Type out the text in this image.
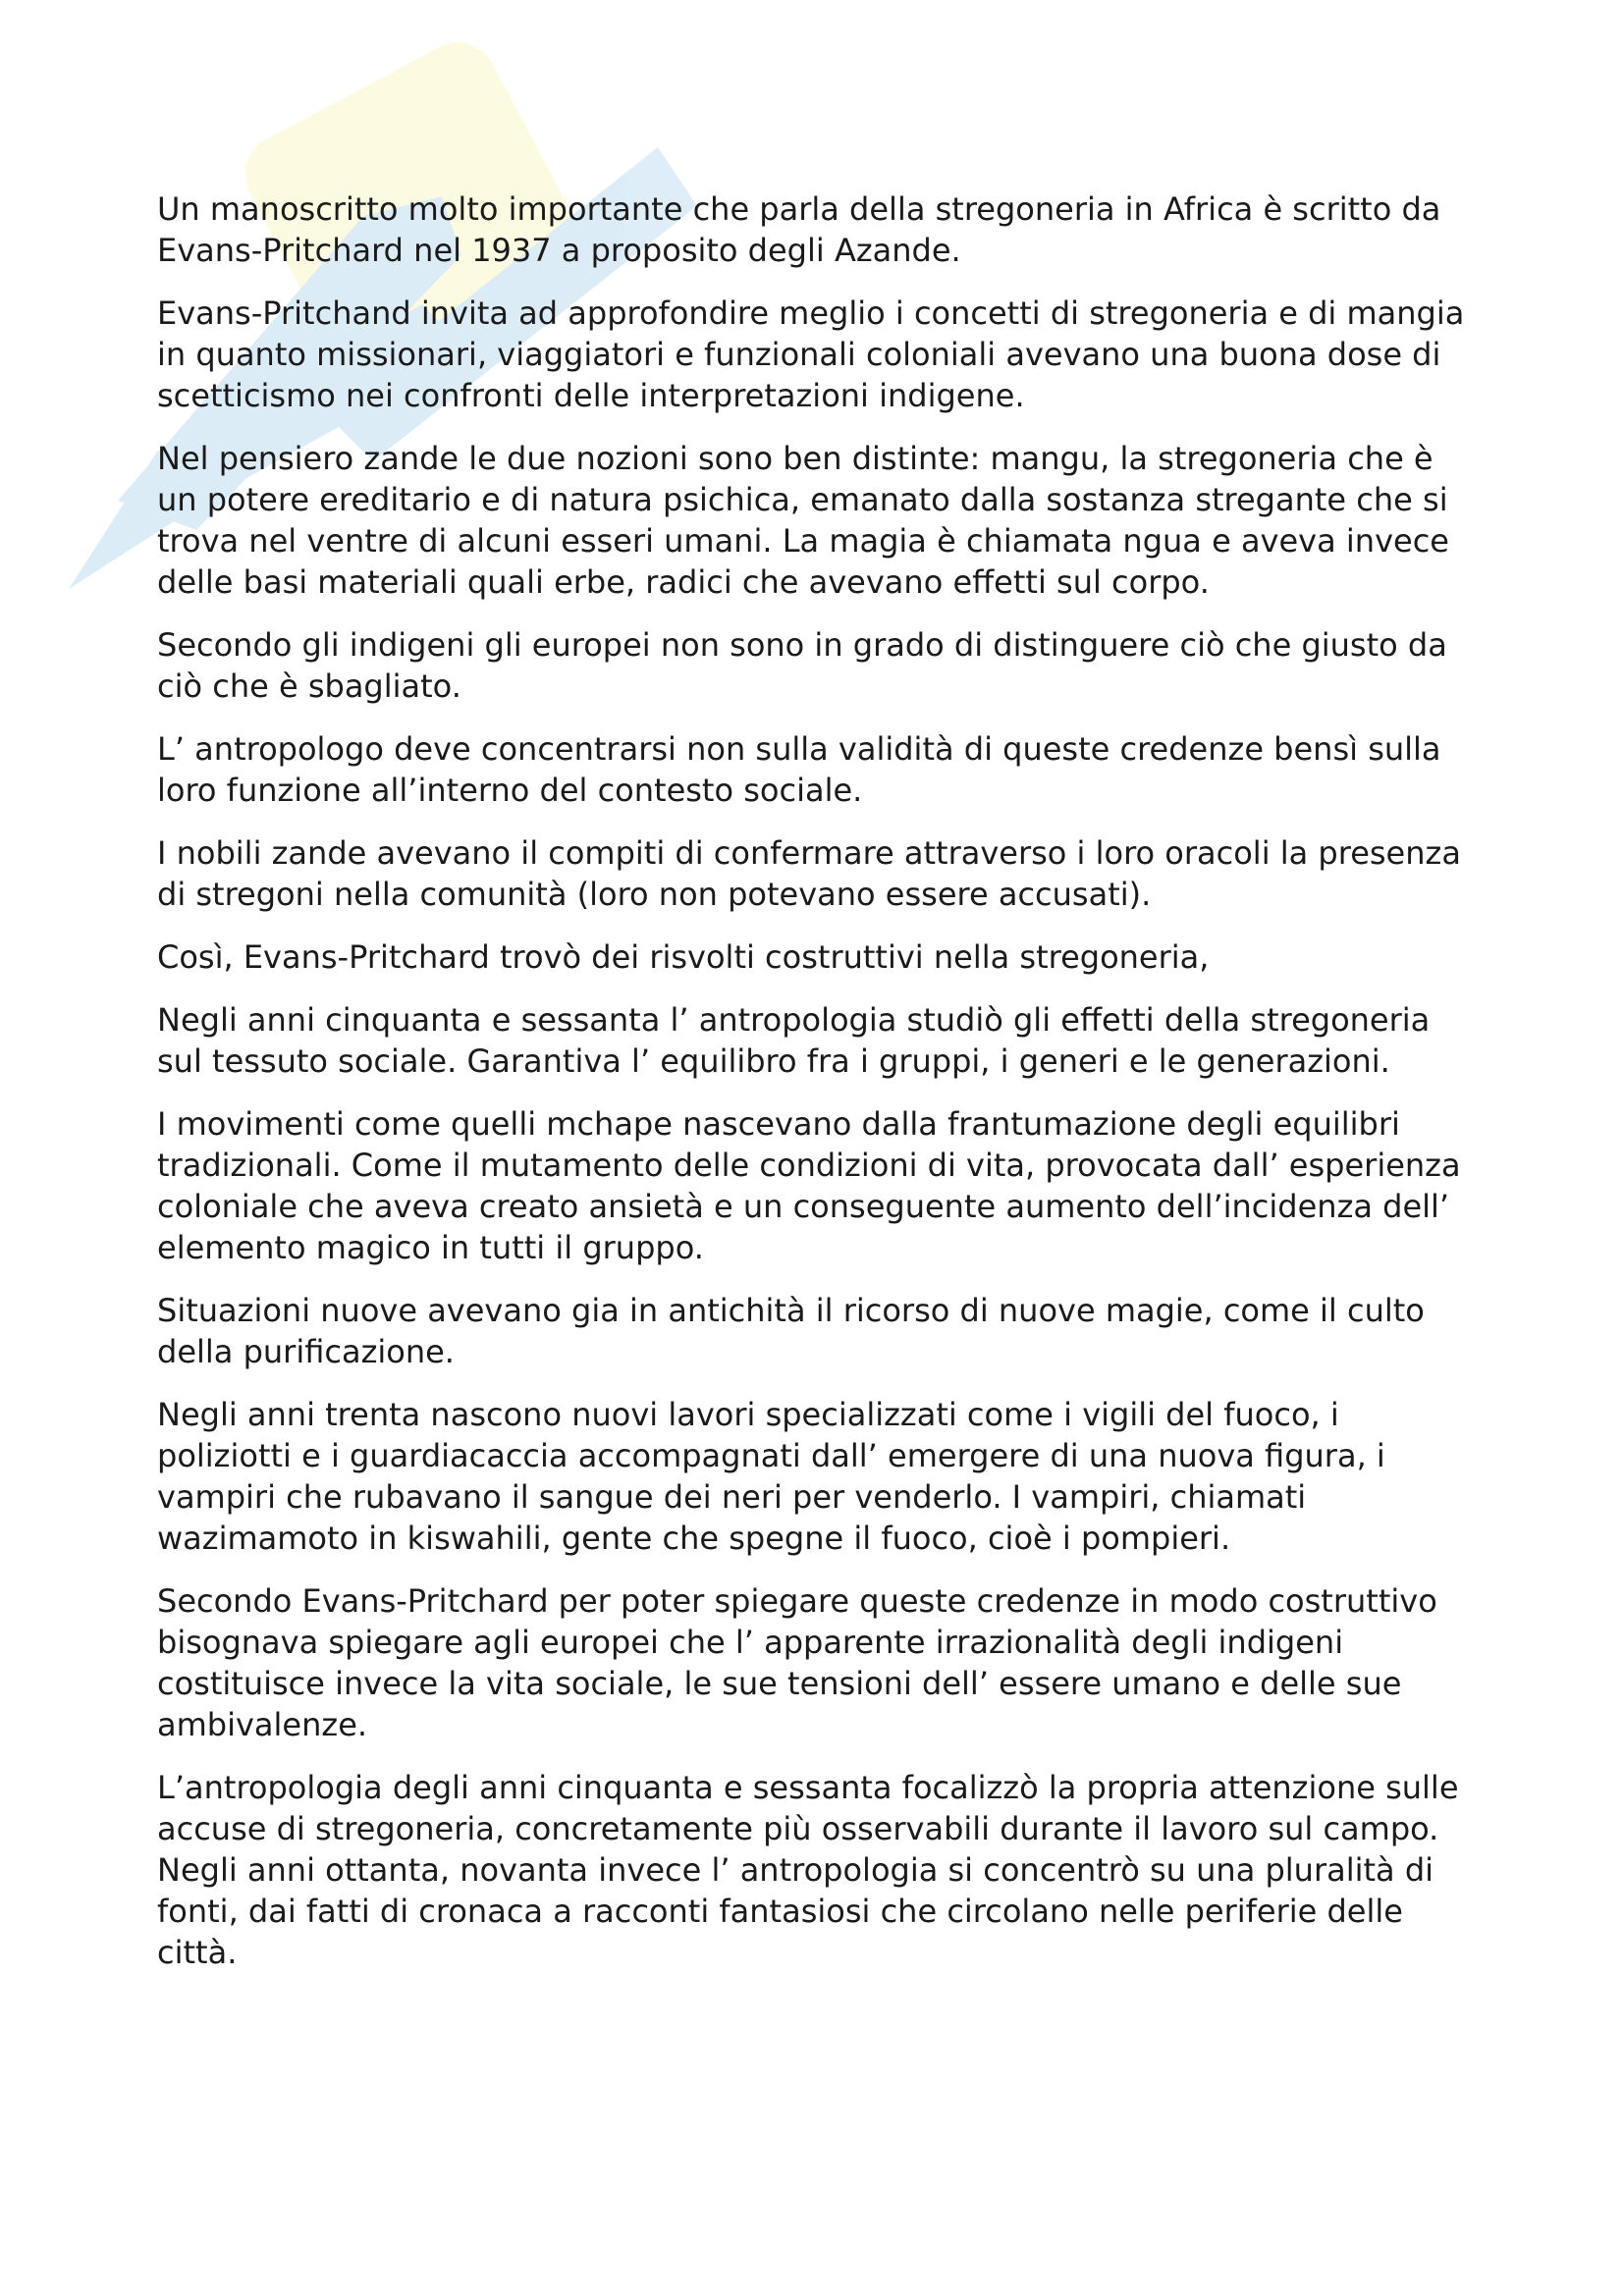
Un manoscritto molto importante che parla della stregoneria in Africa è scritto da Evans-Pritchard nel 1937 a proposito degli Azande.

Evans-Pritchand invita ad approfondire meglio i concetti di stregoneria e di mangia in quanto missionari, viaggiatori e funzionali coloniali avevano una buona dose di scetticismo nei confronti delle interpretazioni indigene.

Nel pensiero zande le due nozioni sono ben distinte: mangu, la stregoneria che è un potere ereditario e di natura psichica, emanato dalla sostanza stregante che si trova nel ventre di alcuni esseri umani. La magia è chiamata ngua e aveva invece delle basi materiali quali erbe, radici che avevano effetti sul corpo.

Secondo gli indigeni gli europei non sono in grado di distinguere ciò che giusto da ciò che è sbagliato.

L’ antropologo deve concentrarsi non sulla validità di queste credenze bensì sulla loro funzione all’interno del contesto sociale.

I nobili zande avevano il compiti di confermare attraverso i loro oracoli la presenza di stregoni nella comunità (loro non potevano essere accusati).

Così, Evans-Pritchard trovò dei risvolti costruttivi nella stregoneria,

Negli anni cinquanta e sessanta l’ antropologia studiò gli effetti della stregoneria sul tessuto sociale. Garantiva l’ equilibro fra i gruppi, i generi e le generazioni.

I movimenti come quelli mchape nascevano dalla frantumazione degli equilibri tradizionali. Come il mutamento delle condizioni di vita, provocata dall’ esperienza coloniale che aveva creato ansietà e un conseguente aumento dell’incidenza dell’ elemento magico in tutti il gruppo.

Situazioni nuove avevano gia in antichità il ricorso di nuove magie, come il culto della purificazione.

Negli anni trenta nascono nuovi lavori specializzati come i vigili del fuoco, i poliziotti e i guardiacaccia accompagnati dall’ emergere di una nuova figura, i vampiri che rubavano il sangue dei neri per venderlo. I vampiri, chiamati wazimamoto in kiswahili, gente che spegne il fuoco, cioè i pompieri.

Secondo Evans-Pritchard per poter spiegare queste credenze in modo costruttivo bisognava spiegare agli europei che l’ apparente irrazionalità degli indigeni costituisce invece la vita sociale, le sue tensioni dell’ essere umano e delle sue ambivalenze.

L’antropologia degli anni cinquanta e sessanta focalizzò la propria attenzione sulle accuse di stregoneria, concretamente più osservabili durante il lavoro sul campo. Negli anni ottanta, novanta invece l’ antropologia si concentrò su una pluralità di fonti, dai fatti di cronaca a racconti fantasiosi che circolano nelle periferie delle città.
